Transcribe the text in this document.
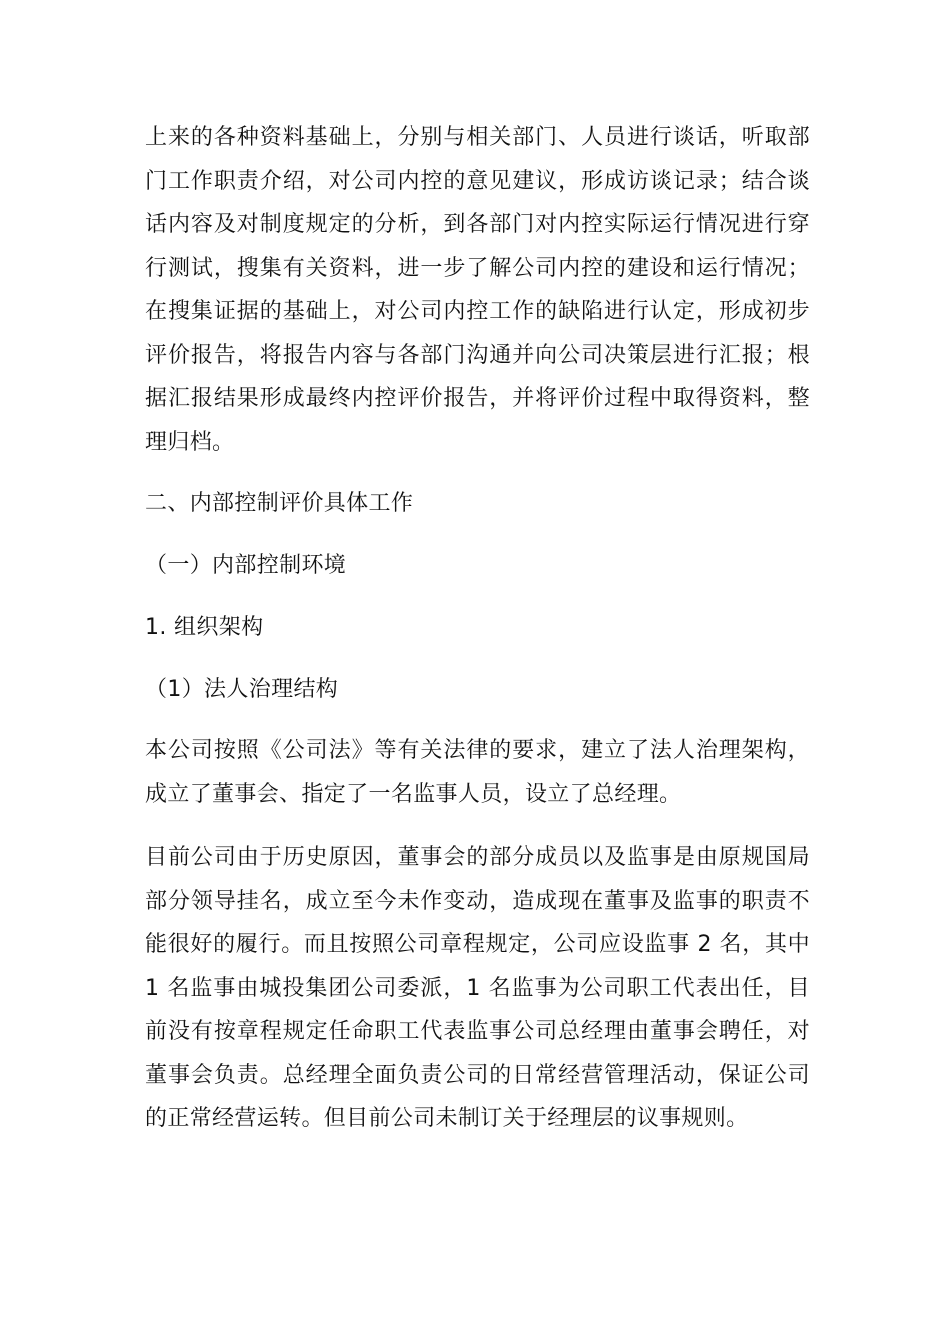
上来的各种资料基础上，分别与相关部门、人员进行谈话，听取部门工作职责介绍，对公司内控的意见建议，形成访谈记录；结合谈话内容及对制度规定的分析，到各部门对内控实际运行情况进行穿行测试，搜集有关资料，进一步了解公司内控的建设和运行情况；在搜集证据的基础上，对公司内控工作的缺陷进行认定，形成初步评价报告，将报告内容与各部门沟通并向公司决策层进行汇报；根据汇报结果形成最终内控评价报告，并将评价过程中取得资料，整理归档。

二、内部控制评价具体工作

（一）内部控制环境

1. 组织架构

（1）法人治理结构

本公司按照《公司法》等有关法律的要求，建立了法人治理架构，成立了董事会、指定了一名监事人员，设立了总经理。

目前公司由于历史原因，董事会的部分成员以及监事是由原规国局部分领导挂名，成立至今未作变动，造成现在董事及监事的职责不能很好的履行。而且按照公司章程规定，公司应设监事 2 名，其中 1 名监事由城投集团公司委派，1 名监事为公司职工代表出任，目前没有按章程规定任命职工代表监事公司总经理由董事会聘任，对董事会负责。总经理全面负责公司的日常经营管理活动，保证公司的正常经营运转。但目前公司未制订关于经理层的议事规则。
